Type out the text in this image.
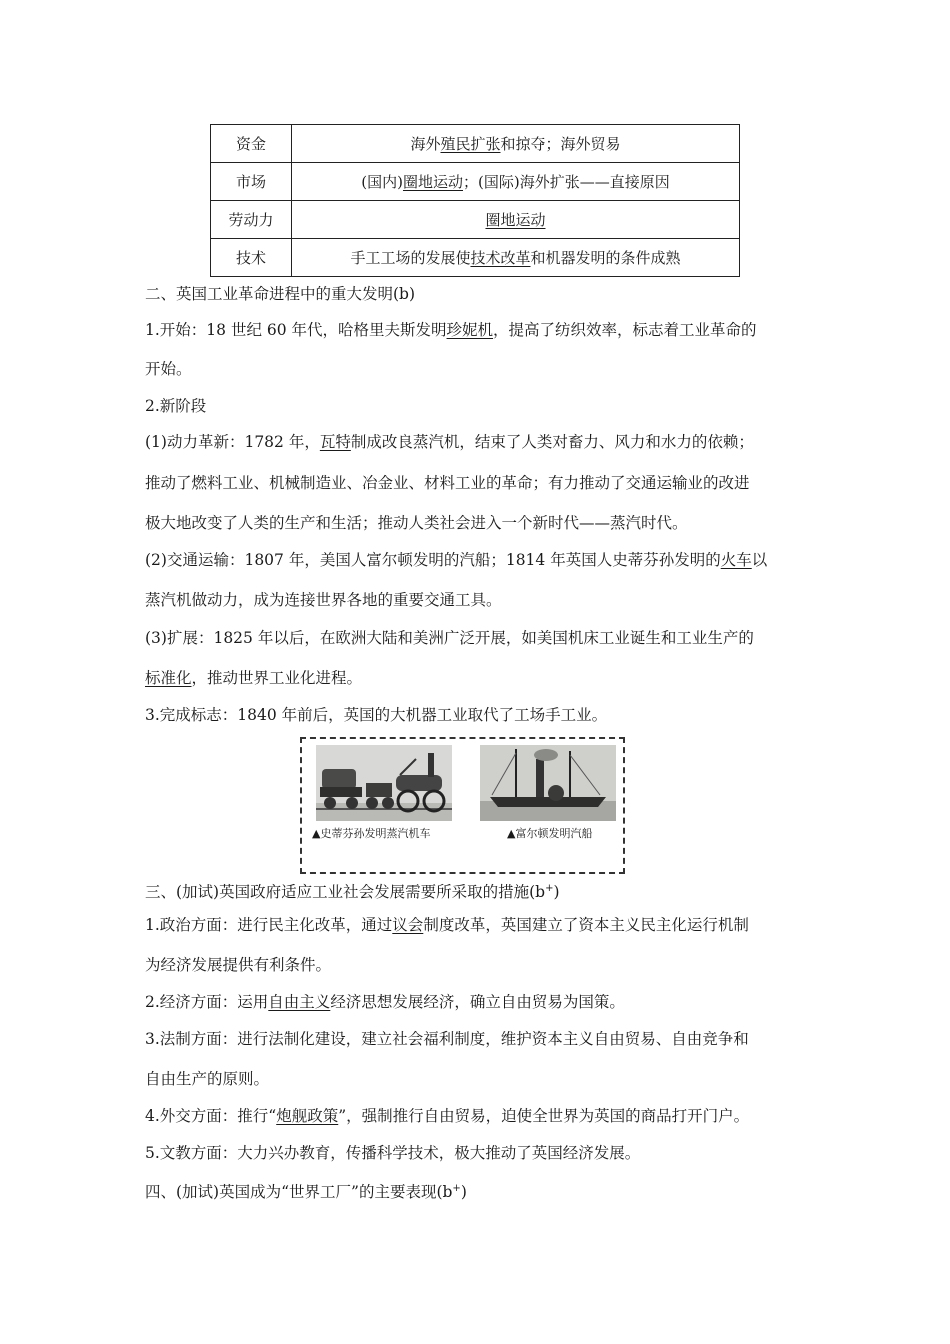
资金	海外殖民扩张和掠夺；海外贸易
市场	(国内)圈地运动；(国际)海外扩张——直接原因
劳动力	圈地运动
技术	手工工场的发展使技术改革和机器发明的条件成熟
二、英国工业革命进程中的重大发明(b)
1.开始：18 世纪 60 年代，哈格里夫斯发明珍妮机，提高了纺织效率，标志着工业革命的
开始。
2.新阶段
(1)动力革新：1782 年，瓦特制成改良蒸汽机，结束了人类对畜力、风力和水力的依赖；
推动了燃料工业、机械制造业、冶金业、材料工业的革命；有力推动了交通运输业的改进
极大地改变了人类的生产和生活；推动人类社会进入一个新时代——蒸汽时代。
(2)交通运输：1807 年，美国人富尔顿发明的汽船；1814 年英国人史蒂芬孙发明的火车以
蒸汽机做动力，成为连接世界各地的重要交通工具。
(3)扩展：1825 年以后，在欧洲大陆和美洲广泛开展，如美国机床工业诞生和工业生产的
标准化，推动世界工业化进程。
3.完成标志：1840 年前后，英国的大机器工业取代了工场手工业。
▲史蒂芬孙发明蒸汽机车	▲富尔顿发明汽船
三、(加试)英国政府适应工业社会发展需要所采取的措施(b+)
1.政治方面：进行民主化改革，通过议会制度改革，英国建立了资本主义民主化运行机制
为经济发展提供有利条件。
2.经济方面：运用自由主义经济思想发展经济，确立自由贸易为国策。
3.法制方面：进行法制化建设，建立社会福利制度，维护资本主义自由贸易、自由竞争和
自由生产的原则。
4.外交方面：推行“炮舰政策”，强制推行自由贸易，迫使全世界为英国的商品打开门户。
5.文教方面：大力兴办教育，传播科学技术，极大推动了英国经济发展。
四、(加试)英国成为“世界工厂”的主要表现(b+)
